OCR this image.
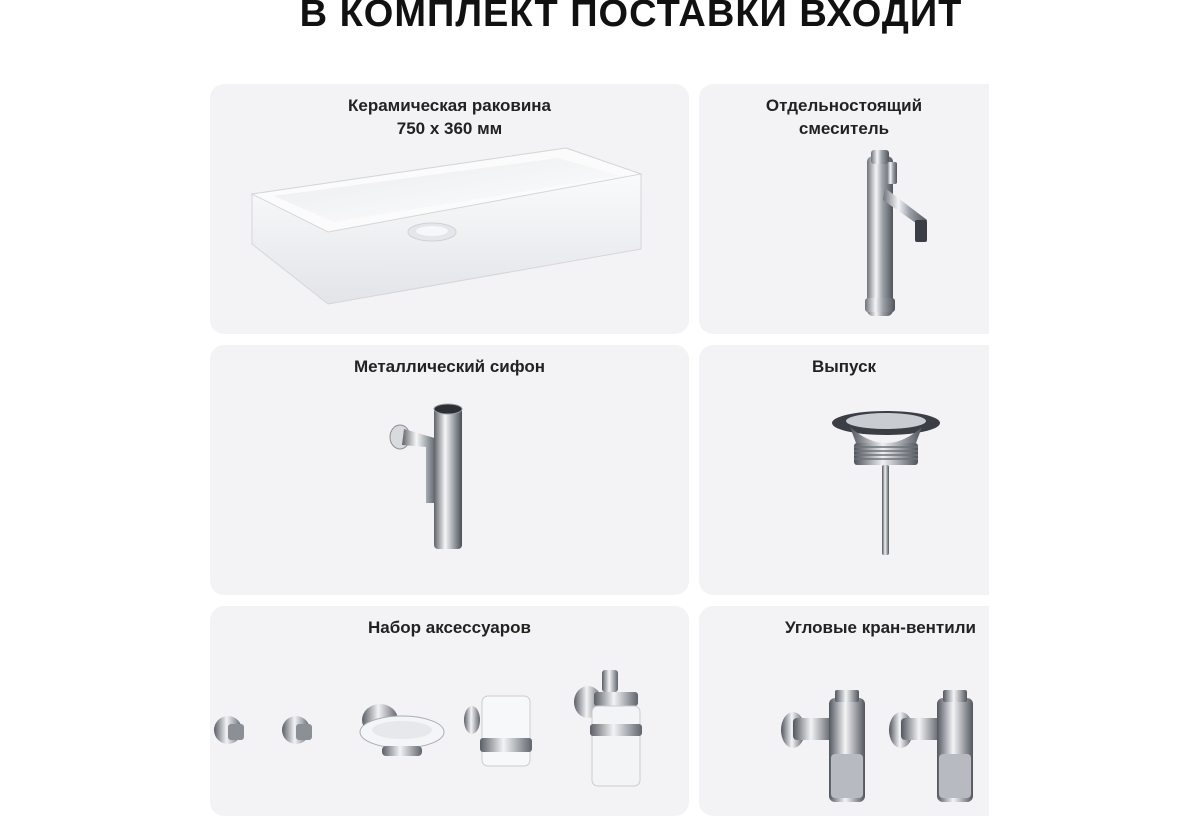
В КОМПЛЕКТ ПОСТАВКИ ВХОДИТ
Керамическая раковина
750 х 360 мм
Отдельностоящий
смеситель
Металлический сифон	Выпуск
Набор аксессуаров	Угловые кран-вентили
